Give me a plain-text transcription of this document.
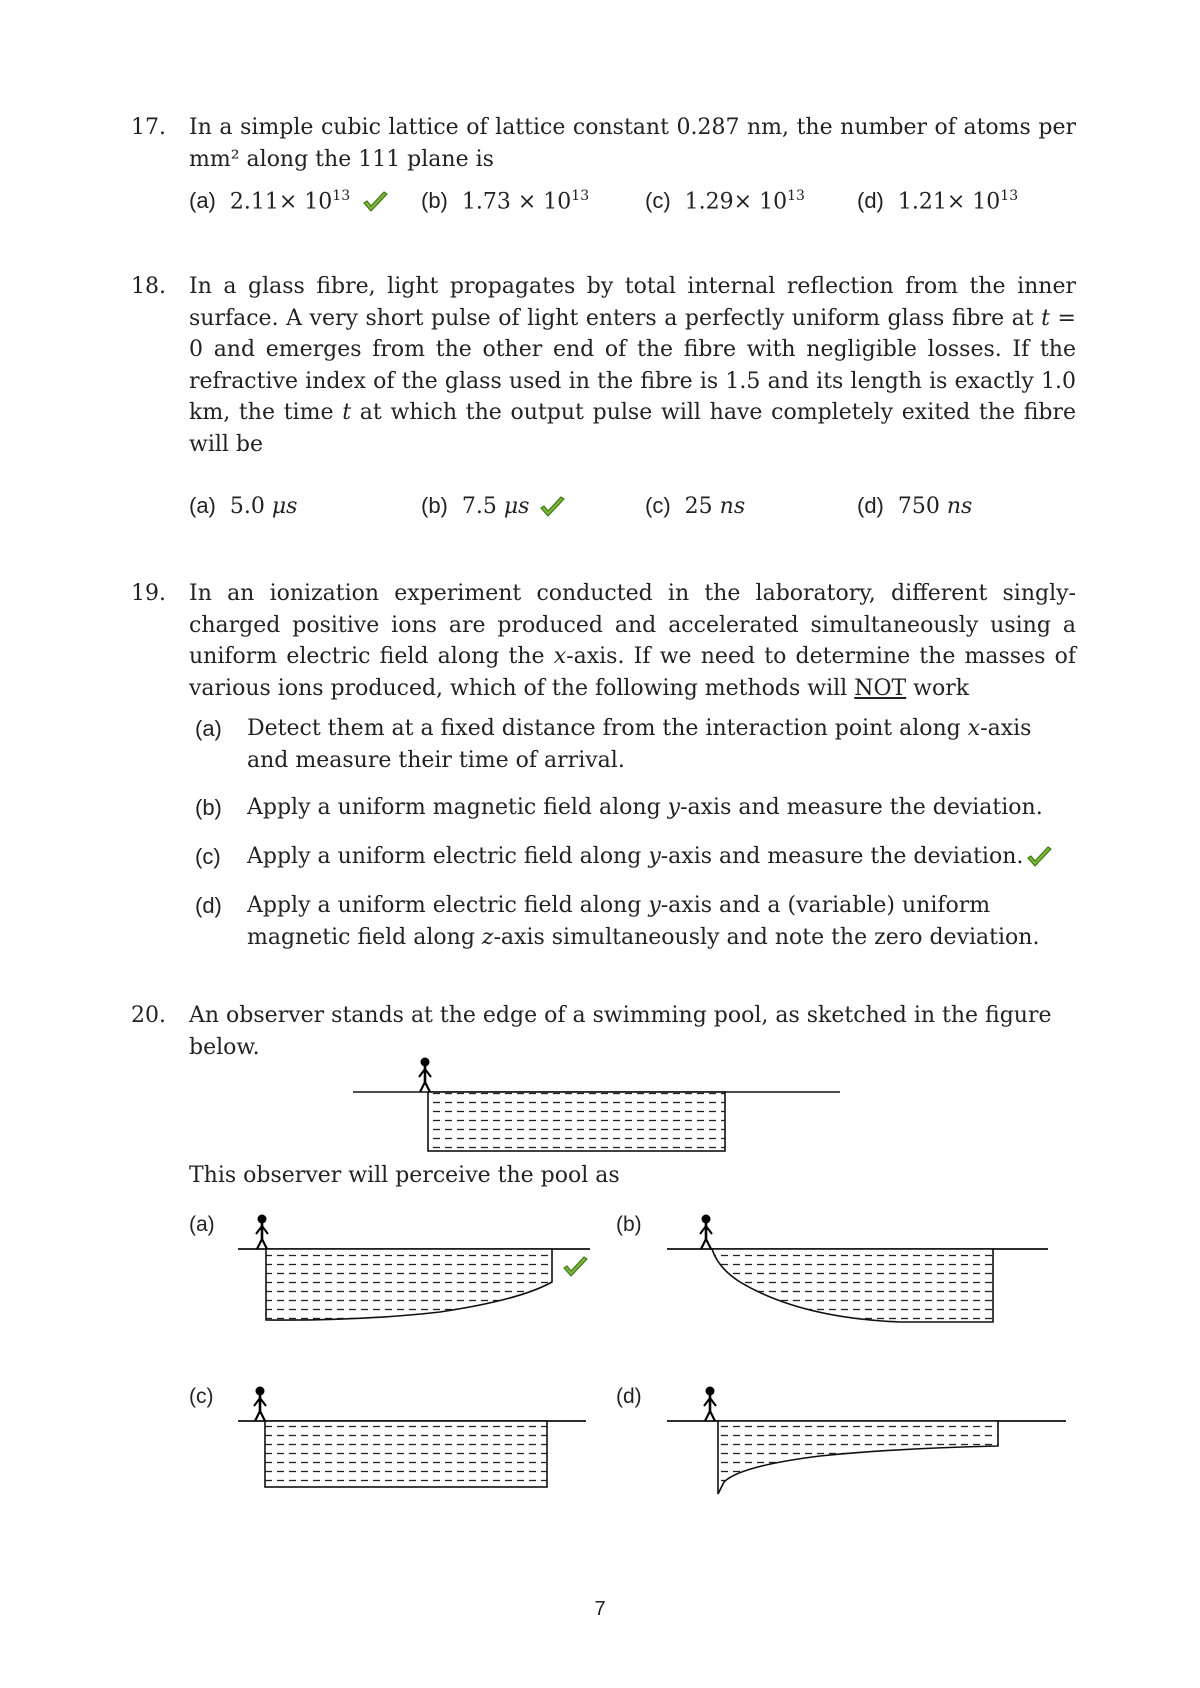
17. In a simple cubic lattice of lattice constant 0.287 nm, the number of atoms per mm² along the 111 plane is
(a) $2.11\times 10^{13}$	(b) $1.73 \times 10^{13}$	(c) $1.29\times 10^{13}$ (d) $1.21\times 10^{13}$
18. In a glass fibre, light propagates by total internal reflection from the inner surface. A very short pulse of light enters a perfectly uniform glass fibre at t = 0 and emerges from the other end of the fibre with negligible losses. If the refractive index of the glass used in the fibre is 1.5 and its length is exactly 1.0 km, the time t at which the output pulse will have completely exited the fibre will be
(a) 5.0 μs	(b) 7.5 μs	(c) 25 ns	(d) 750 ns
19. In an ionization experiment conducted in the laboratory, different singly-charged positive ions are produced and accelerated simultaneously using a uniform electric field along the x-axis. If we need to determine the masses of various ions produced, which of the following methods will NOT work
(a) Detect them at a fixed distance from the interaction point along x-axis and measure their time of arrival.
(b) Apply a uniform magnetic field along y-axis and measure the deviation.
(c) Apply a uniform electric field along y-axis and measure the deviation.
(d) Apply a uniform electric field along y-axis and a (variable) uniform magnetic field along z-axis simultaneously and note the zero deviation.
20. An observer stands at the edge of a swimming pool, as sketched in the figure below.
This observer will perceive the pool as
(a)	(b)
(c)	(d)
7
